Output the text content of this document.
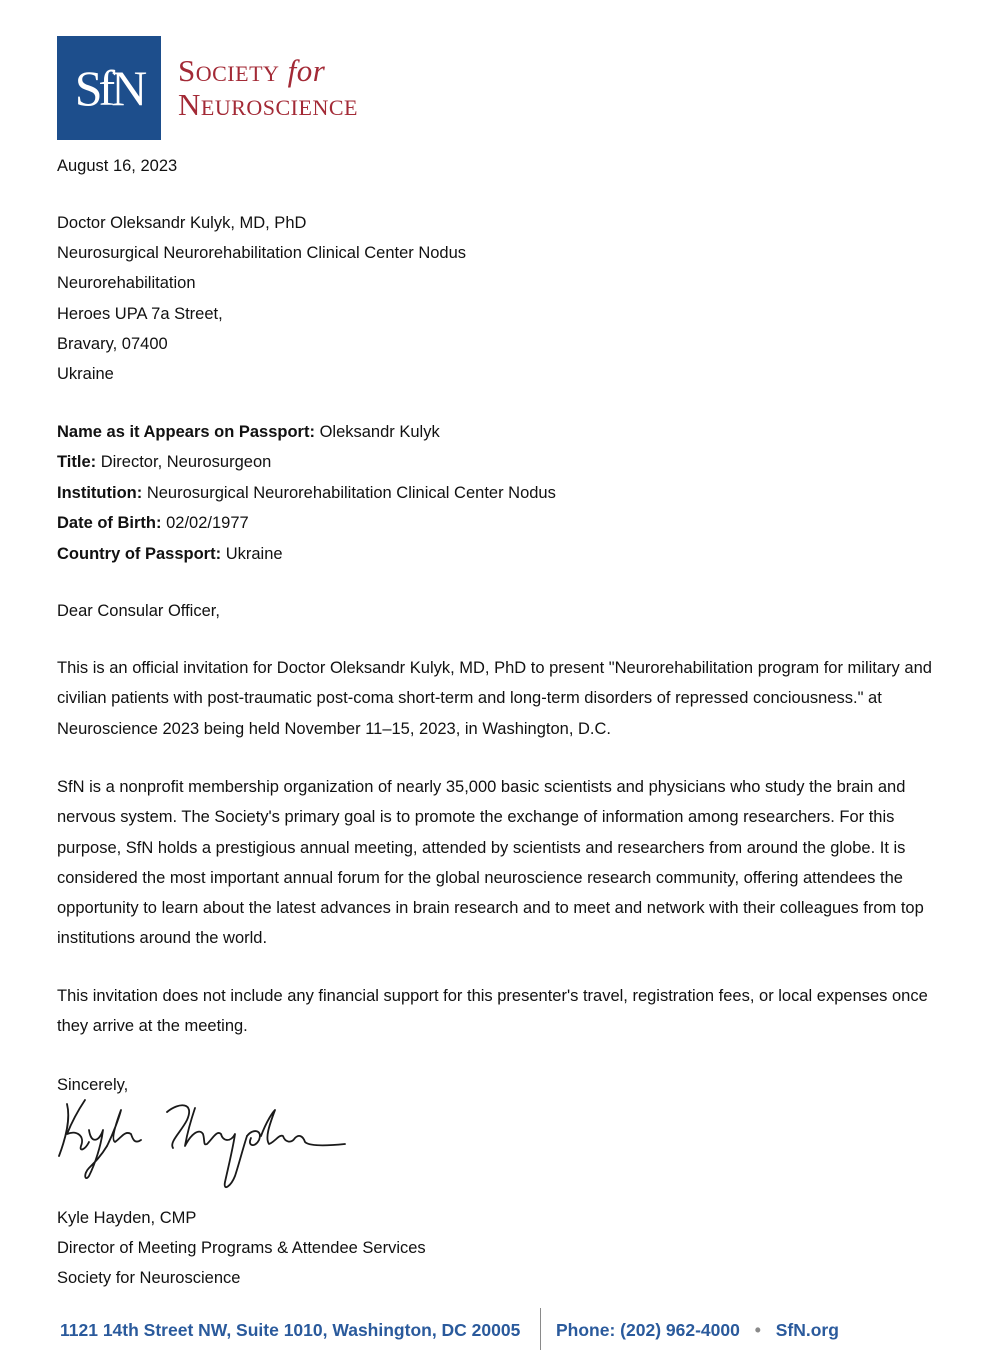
SfN Society for
Neuroscience
August 16, 2023
Doctor Oleksandr Kulyk, MD, PhD
Neurosurgical Neurorehabilitation Clinical Center Nodus
Neurorehabilitation
Heroes UPA 7a Street,
Bravary, 07400
Ukraine
Name as it Appears on Passport: Oleksandr Kulyk
Title: Director, Neurosurgeon
Institution: Neurosurgical Neurorehabilitation Clinical Center Nodus
Date of Birth: 02/02/1977
Country of Passport: Ukraine
Dear Consular Officer,
This is an official invitation for Doctor Oleksandr Kulyk, MD, PhD to present "Neurorehabilitation program for military and civilian patients with post-traumatic post-coma short-term and long-term disorders of repressed conciousness." at Neuroscience 2023 being held November 11–15, 2023, in Washington, D.C.
SfN is a nonprofit membership organization of nearly 35,000 basic scientists and physicians who study the brain and nervous system. The Society's primary goal is to promote the exchange of information among researchers. For this purpose, SfN holds a prestigious annual meeting, attended by scientists and researchers from around the globe. It is considered the most important annual forum for the global neuroscience research community, offering attendees the opportunity to learn about the latest advances in brain research and to meet and network with their colleagues from top institutions around the world.
This invitation does not include any financial support for this presenter's travel, registration fees, or local expenses once they arrive at the meeting.
Sincerely,
Kyle Hayden, CMP
Director of Meeting Programs & Attendee Services
Society for Neuroscience
1121 14th Street NW, Suite 1010, Washington, DC 20005 Phone: (202) 962-4000 • SfN.org
